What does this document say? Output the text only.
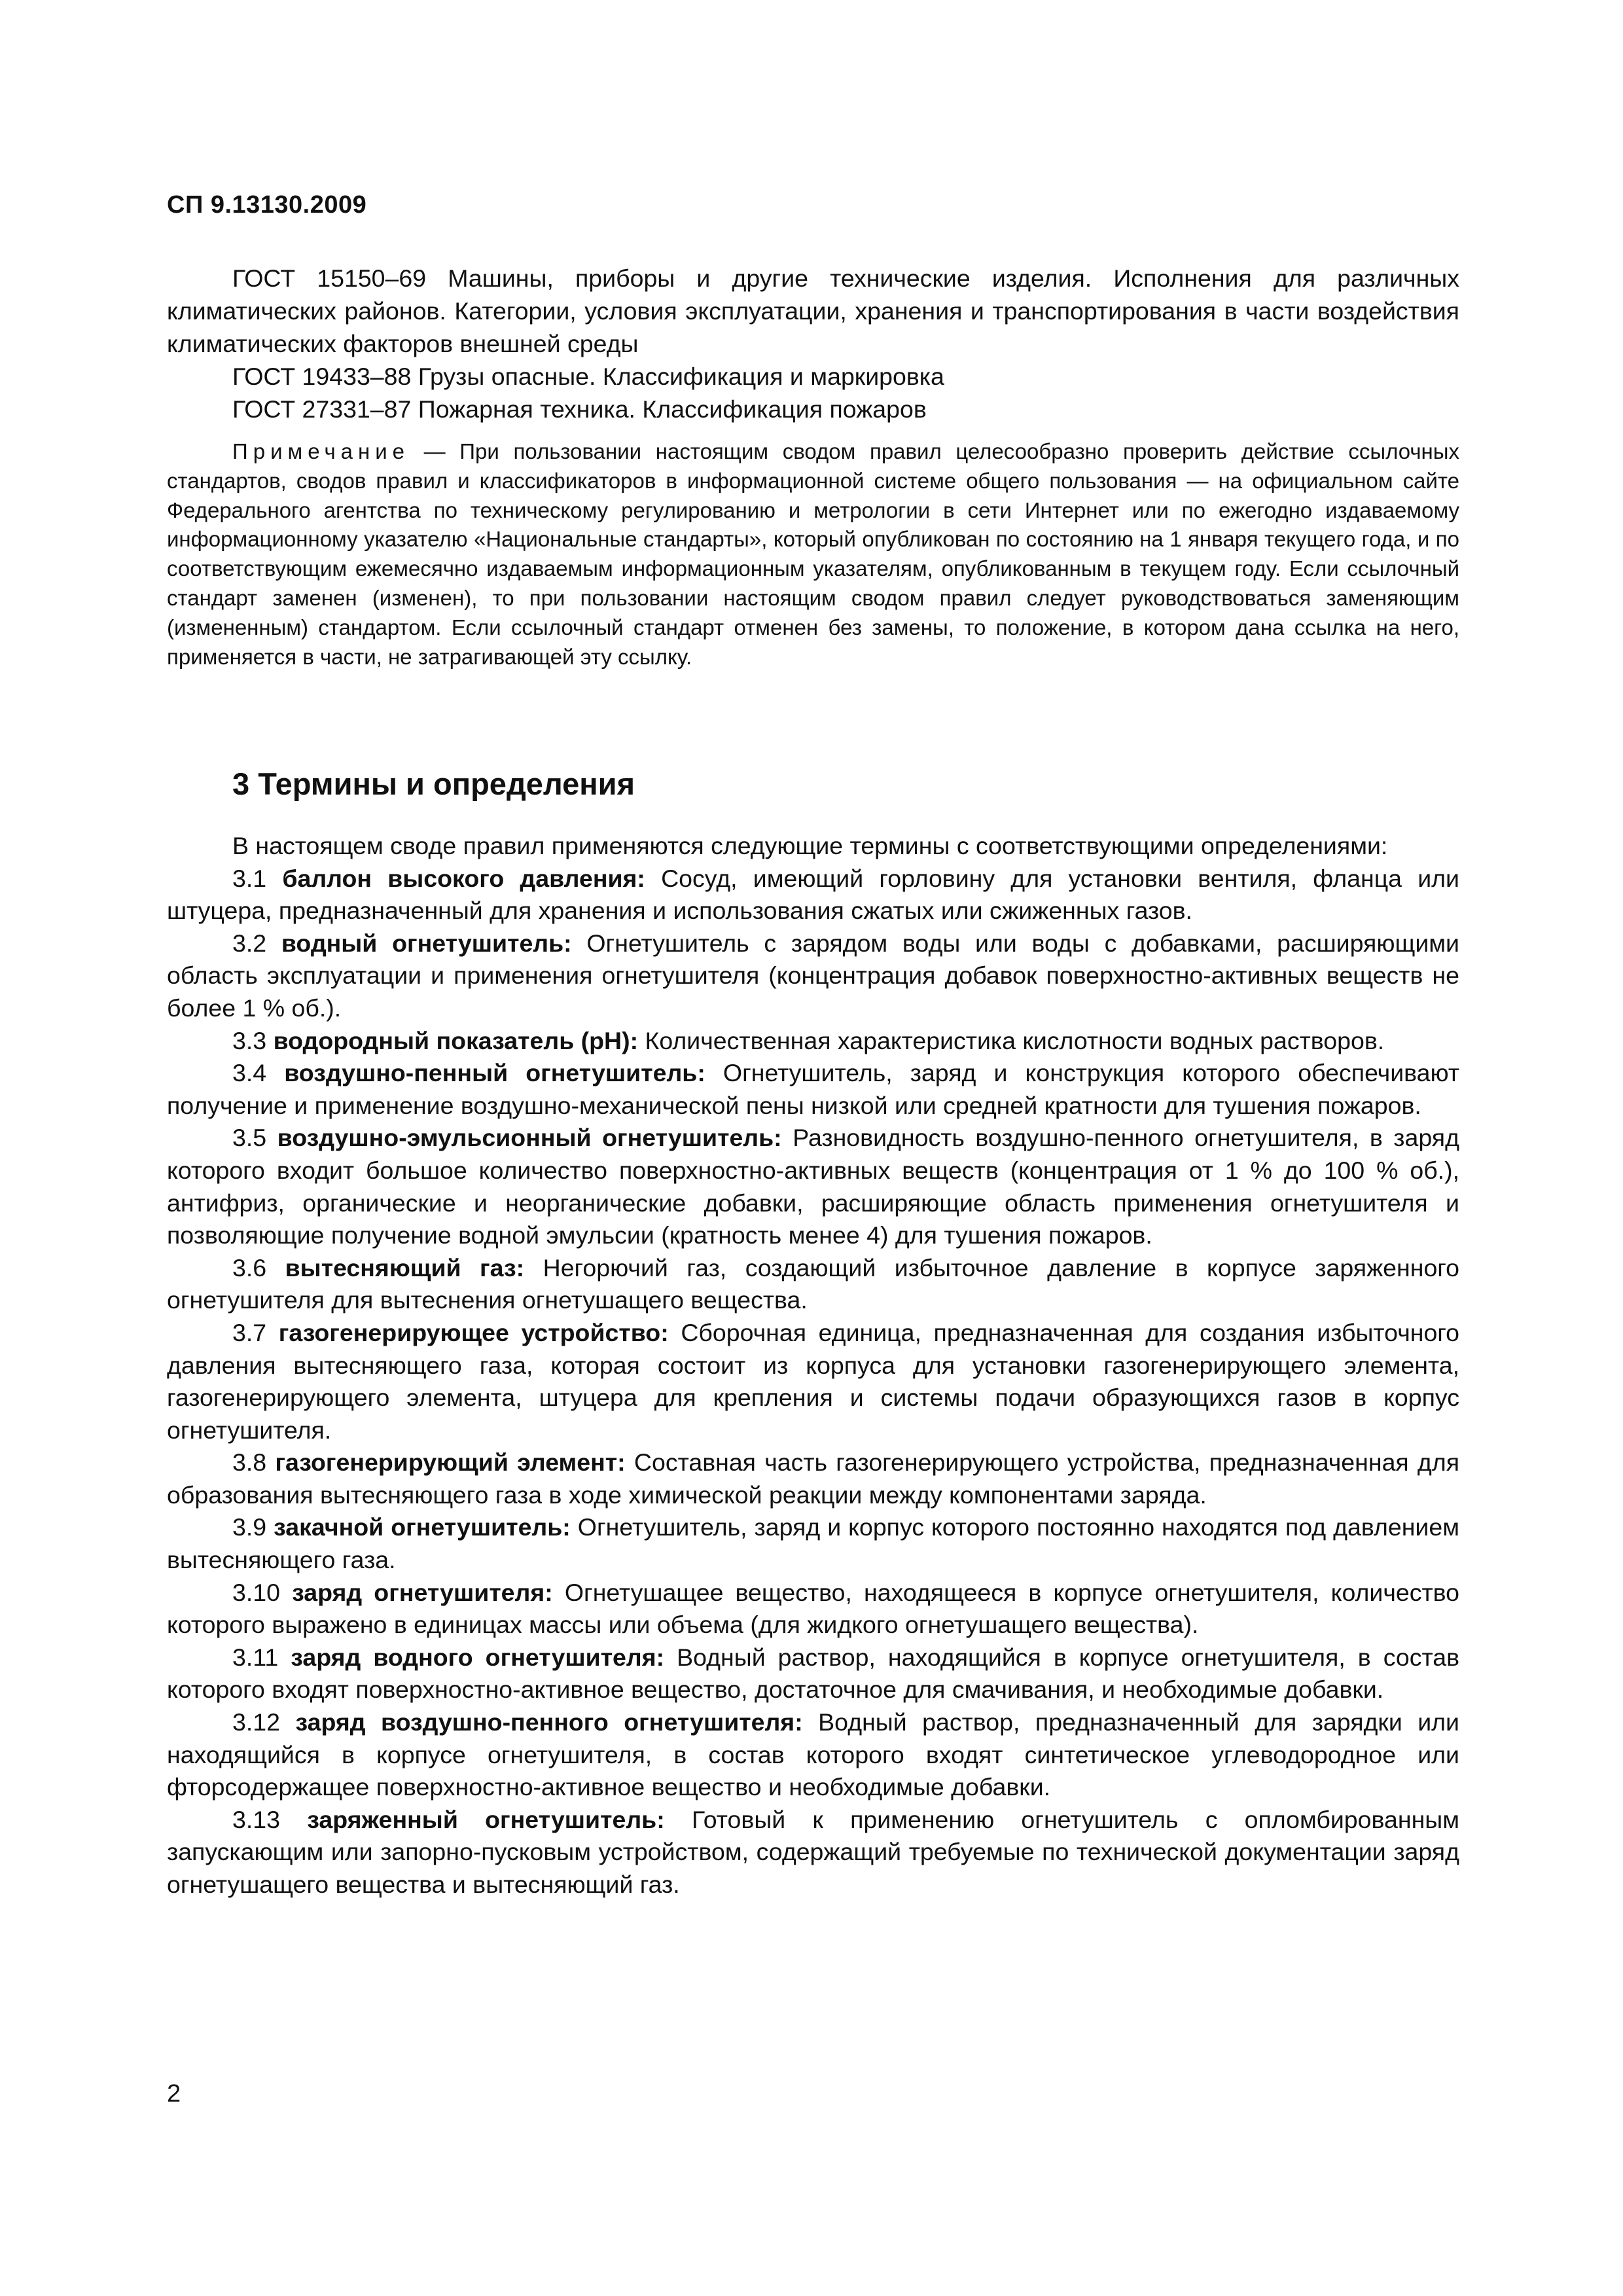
СП 9.13130.2009

ГОСТ 15150–69 Машины, приборы и другие технические изделия. Исполнения для различных климатических районов. Категории, условия эксплуатации, хранения и транспортирования в части воздействия климатических факторов внешней среды

ГОСТ 19433–88 Грузы опасные. Классификация и маркировка

ГОСТ 27331–87 Пожарная техника. Классификация пожаров

Примечание — При пользовании настоящим сводом правил целесообразно проверить действие ссылочных стандартов, сводов правил и классификаторов в информационной системе общего пользования — на официальном сайте Федерального агентства по техническому регулированию и метрологии в сети Интернет или по ежегодно издаваемому информационному указателю «Национальные стандарты», который опубликован по состоянию на 1 января текущего года, и по соответствующим ежемесячно издаваемым информационным указателям, опубликованным в текущем году. Если ссылочный стандарт заменен (изменен), то при пользовании настоящим сводом правил следует руководствоваться заменяющим (измененным) стандартом. Если ссылочный стандарт отменен без замены, то положение, в котором дана ссылка на него, применяется в части, не затрагивающей эту ссылку.
3 Термины и определения

В настоящем своде правил применяются следующие термины с соответствующими определениями:

3.1 баллон высокого давления: Сосуд, имеющий горловину для установки вентиля, фланца или штуцера, предназначенный для хранения и использования сжатых или сжиженных газов.

3.2 водный огнетушитель: Огнетушитель с зарядом воды или воды с добавками, расширяющими область эксплуатации и применения огнетушителя (концентрация добавок поверхностно-активных веществ не более 1 % об.).

3.3 водородный показатель (pH): Количественная характеристика кислотности водных растворов.

3.4 воздушно-пенный огнетушитель: Огнетушитель, заряд и конструкция которого обеспечивают получение и применение воздушно-механической пены низкой или средней кратности для тушения пожаров.

3.5 воздушно-эмульсионный огнетушитель: Разновидность воздушно-пенного огнетушителя, в заряд которого входит большое количество поверхностно-активных веществ (концентрация от 1 % до 100 % об.), антифриз, органические и неорганические добавки, расширяющие область применения огнетушителя и позволяющие получение водной эмульсии (кратность менее 4) для тушения пожаров.

3.6 вытесняющий газ: Негорючий газ, создающий избыточное давление в корпусе заряженного огнетушителя для вытеснения огнетушащего вещества.

3.7 газогенерирующее устройство: Сборочная единица, предназначенная для создания избыточного давления вытесняющего газа, которая состоит из корпуса для установки газогенерирующего элемента, газогенерирующего элемента, штуцера для крепления и системы подачи образующихся газов в корпус огнетушителя.

3.8 газогенерирующий элемент: Составная часть газогенерирующего устройства, предназначенная для образования вытесняющего газа в ходе химической реакции между компонентами заряда.

3.9 закачной огнетушитель: Огнетушитель, заряд и корпус которого постоянно находятся под давлением вытесняющего газа.

3.10 заряд огнетушителя: Огнетушащее вещество, находящееся в корпусе огнетушителя, количество которого выражено в единицах массы или объема (для жидкого огнетушащего вещества).

3.11 заряд водного огнетушителя: Водный раствор, находящийся в корпусе огнетушителя, в состав которого входят поверхностно-активное вещество, достаточное для смачивания, и необходимые добавки.

3.12 заряд воздушно-пенного огнетушителя: Водный раствор, предназначенный для зарядки или находящийся в корпусе огнетушителя, в состав которого входят синтетическое углеводородное или фторсодержащее поверхностно-активное вещество и необходимые добавки.

3.13 заряженный огнетушитель: Готовый к применению огнетушитель с опломбированным запускающим или запорно-пусковым устройством, содержащий требуемые по технической документации заряд огнетушащего вещества и вытесняющий газ.

2
